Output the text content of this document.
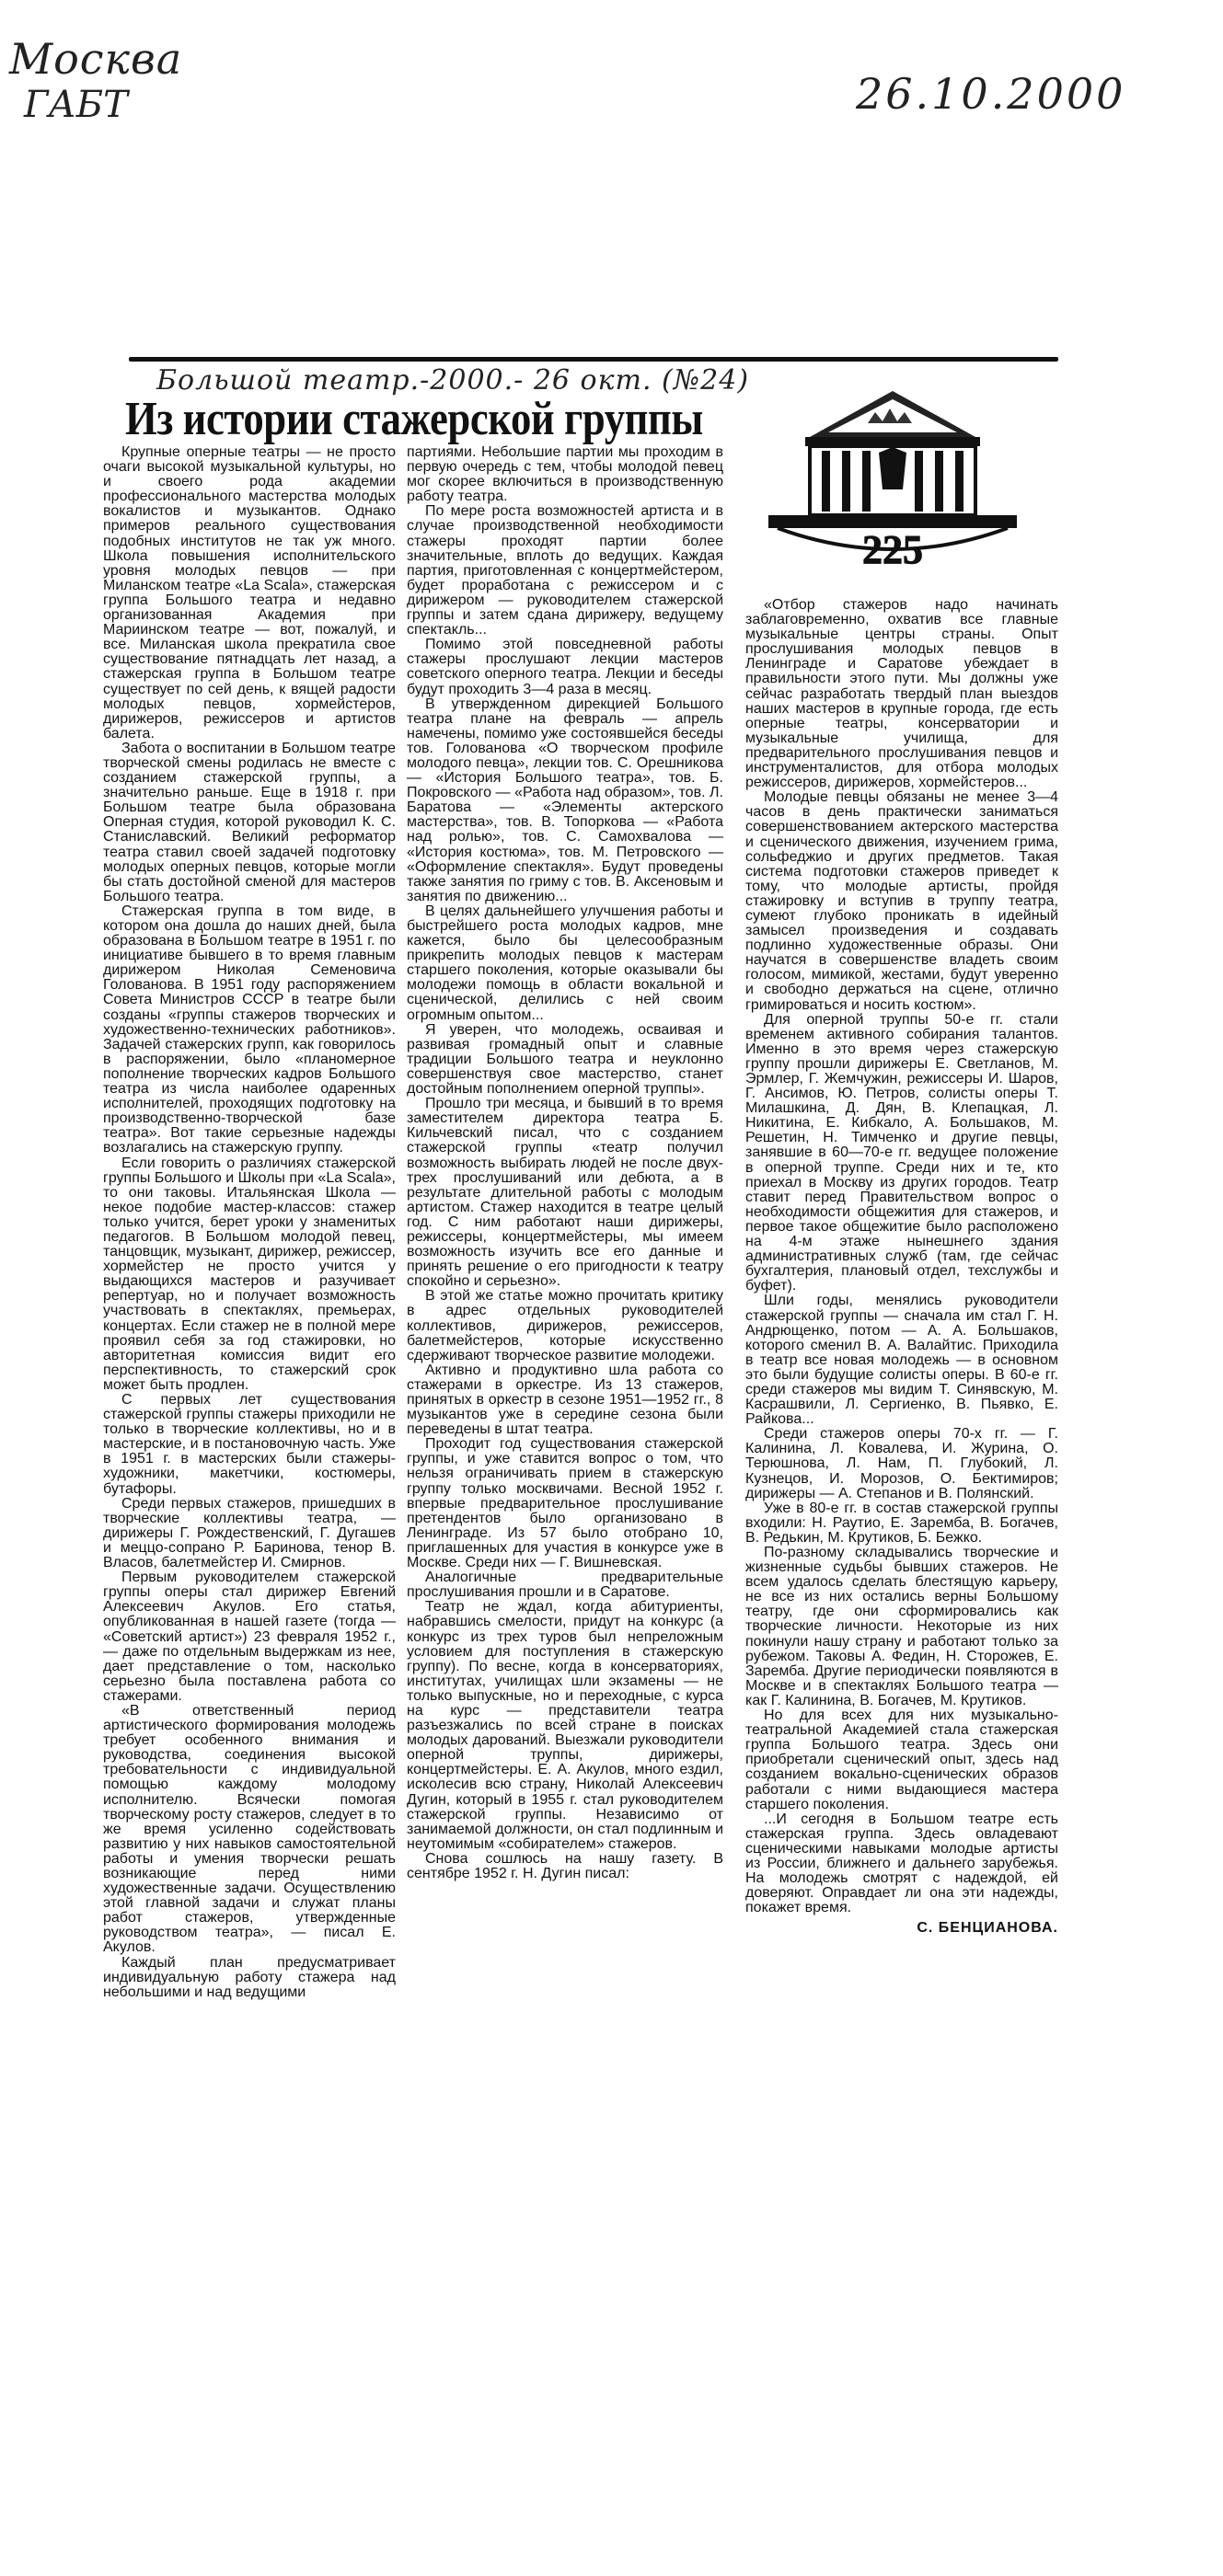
Москва
ГАБТ	26.10.2000
Большой театр.-2000.- 26 окт. (№24)
Из истории стажерской группы
225

Крупные оперные театры — не просто очаги высокой музыкальной культуры, но и своего рода академии профессионального мастерства молодых вокалистов и музыкантов. Однако примеров реального существования подобных институтов не так уж много. Школа повышения исполнительского уровня молодых певцов — при Миланском театре «La Scala», стажерская группа Большого театра и недавно организованная Академия при Мариинском театре — вот, пожалуй, и все. Миланская школа прекратила свое существование пятнадцать лет назад, а стажерская группа в Большом театре существует по сей день, к вящей радости молодых певцов, хормейстеров, дирижеров, режиссеров и артистов балета.

Забота о воспитании в Большом театре творческой смены родилась не вместе с созданием стажерской группы, а значительно раньше. Еще в 1918 г. при Большом театре была образована Оперная студия, которой руководил К. С. Станиславский. Великий реформатор театра ставил своей задачей подготовку молодых оперных певцов, которые могли бы стать достойной сменой для мастеров Большого театра.

Стажерская группа в том виде, в котором она дошла до наших дней, была образована в Большом театре в 1951 г. по инициативе бывшего в то время главным дирижером Николая Семеновича Голованова. В 1951 году распоряжением Совета Министров СССР в театре были созданы «группы стажеров творческих и художественно-технических работников». Задачей стажерских групп, как говорилось в распоряжении, было «планомерное пополнение творческих кадров Большого театра из числа наиболее одаренных исполнителей, проходящих подготовку на производственно-творческой базе театра». Вот такие серьезные надежды возлагались на стажерскую группу.

Если говорить о различиях стажерской группы Большого и Школы при «La Scala», то они таковы. Итальянская Школа — некое подобие мастер-классов: стажер только учится, берет уроки у знаменитых педагогов. В Большом молодой певец, танцовщик, музыкант, дирижер, режиссер, хормейстер не просто учится у выдающихся мастеров и разучивает репертуар, но и получает возможность участвовать в спектаклях, премьерах, концертах. Если стажер не в полной мере проявил себя за год стажировки, но авторитетная комиссия видит его перспективность, то стажерский срок может быть продлен.

С первых лет существования стажерской группы стажеры приходили не только в творческие коллективы, но и в мастерские, и в постановочную часть. Уже в 1951 г. в мастерских были стажеры-художники, макетчики, костюмеры, бутафоры.

Среди первых стажеров, пришедших в творческие коллективы театра, — дирижеры Г. Рождественский, Г. Дугашев и меццо-сопрано Р. Баринова, тенор В. Власов, балетмейстер И. Смирнов.

Первым руководителем стажерской группы оперы стал дирижер Евгений Алексеевич Акулов. Его статья, опубликованная в нашей газете (тогда — «Советский артист») 23 февраля 1952 г., — даже по отдельным выдержкам из нее, дает представление о том, насколько серьезно была поставлена работа со стажерами.

«В ответственный период артистического формирования молодежь требует особенного внимания и руководства, соединения высокой требовательности с индивидуальной помощью каждому молодому исполнителю. Всячески помогая творческому росту стажеров, следует в то же время усиленно содействовать развитию у них навыков самостоятельной работы и умения творчески решать возникающие перед ними художественные задачи. Осуществлению этой главной задачи и служат планы работ стажеров, утвержденные руководством театра», — писал Е. Акулов.

Каждый план предусматривает индивидуальную работу стажера над небольшими и над ведущими

партиями. Небольшие партии мы проходим в первую очередь с тем, чтобы молодой певец мог скорее включиться в производственную работу театра.

По мере роста возможностей артиста и в случае производственной необходимости стажеры проходят партии более значительные, вплоть до ведущих. Каждая партия, приготовленная с концертмейстером, будет проработана с режиссером и с дирижером — руководителем стажерской группы и затем сдана дирижеру, ведущему спектакль...

Помимо этой повседневной работы стажеры прослушают лекции мастеров советского оперного театра. Лекции и беседы будут проходить 3—4 раза в месяц.

В утвержденном дирекцией Большого театра плане на февраль — апрель намечены, помимо уже состоявшейся беседы тов. Голованова «О творческом профиле молодого певца», лекции тов. С. Орешникова — «История Большого театра», тов. Б. Покровского — «Работа над образом», тов. Л. Баратова — «Элементы актерского мастерства», тов. В. Топоркова — «Работа над ролью», тов. С. Самохвалова — «История костюма», тов. М. Петровского — «Оформление спектакля». Будут проведены также занятия по гриму с тов. В. Аксеновым и занятия по движению...

В целях дальнейшего улучшения работы и быстрейшего роста молодых кадров, мне кажется, было бы целесообразным прикрепить молодых певцов к мастерам старшего поколения, которые оказывали бы молодежи помощь в области вокальной и сценической, делились с ней своим огромным опытом...

Я уверен, что молодежь, осваивая и развивая громадный опыт и славные традиции Большого театра и неуклонно совершенствуя свое мастерство, станет достойным пополнением оперной труппы».

Прошло три месяца, и бывший в то время заместителем директора театра Б. Кильчевский писал, что с созданием стажерской группы «театр получил возможность выбирать людей не после двух-трех прослушиваний или дебюта, а в результате длительной работы с молодым артистом. Стажер находится в театре целый год. С ним работают наши дирижеры, режиссеры, концертмейстеры, мы имеем возможность изучить все его данные и принять решение о его пригодности к театру спокойно и серьезно».

В этой же статье можно прочитать критику в адрес отдельных руководителей коллективов, дирижеров, режиссеров, балетмейстеров, которые искусственно сдерживают творческое развитие молодежи.

Активно и продуктивно шла работа со стажерами в оркестре. Из 13 стажеров, принятых в оркестр в сезоне 1951—1952 гг., 8 музыкантов уже в середине сезона были переведены в штат театра.

Проходит год существования стажерской группы, и уже ставится вопрос о том, что нельзя ограничивать прием в стажерскую группу только москвичами. Весной 1952 г. впервые предварительное прослушивание претендентов было организовано в Ленинграде. Из 57 было отобрано 10, приглашенных для участия в конкурсе уже в Москве. Среди них — Г. Вишневская.

Аналогичные предварительные прослушивания прошли и в Саратове.

Театр не ждал, когда абитуриенты, набравшись смелости, придут на конкурс (а конкурс из трех туров был непреложным условием для поступления в стажерскую группу). По весне, когда в консерваториях, институтах, училищах шли экзамены — не только выпускные, но и переходные, с курса на курс — представители театра разъезжались по всей стране в поисках молодых дарований. Выезжали руководители оперной труппы, дирижеры, концертмейстеры. Е. А. Акулов, много ездил, исколесив всю страну, Николай Алексеевич Дугин, который в 1955 г. стал руководителем стажерской группы. Независимо от занимаемой должности, он стал подлинным и неутомимым «собирателем» стажеров.

Снова сошлюсь на нашу газету. В сентябре 1952 г. Н. Дугин писал:

«Отбор стажеров надо начинать заблаговременно, охватив все главные музыкальные центры страны. Опыт прослушивания молодых певцов в Ленинграде и Саратове убеждает в правильности этого пути. Мы должны уже сейчас разработать твердый план выездов наших мастеров в крупные города, где есть оперные театры, консерватории и музыкальные училища, для предварительного прослушивания певцов и инструменталистов, для отбора молодых режиссеров, дирижеров, хормейстеров...

Молодые певцы обязаны не менее 3—4 часов в день практически заниматься совершенствованием актерского мастерства и сценического движения, изучением грима, сольфеджио и других предметов. Такая система подготовки стажеров приведет к тому, что молодые артисты, пройдя стажировку и вступив в труппу театра, сумеют глубоко проникать в идейный замысел произведения и создавать подлинно художественные образы. Они научатся в совершенстве владеть своим голосом, мимикой, жестами, будут уверенно и свободно держаться на сцене, отлично гримироваться и носить костюм».

Для оперной труппы 50-е гг. стали временем активного собирания талантов. Именно в это время через стажерскую группу прошли дирижеры Е. Светланов, М. Эрмлер, Г. Жемчужин, режиссеры И. Шаров, Г. Ансимов, Ю. Петров, солисты оперы Т. Милашкина, Д. Дян, В. Клепацкая, Л. Никитина, Е. Кибкало, А. Большаков, М. Решетин, Н. Тимченко и другие певцы, занявшие в 60—70-е гг. ведущее положение в оперной труппе. Среди них и те, кто приехал в Москву из других городов. Театр ставит перед Правительством вопрос о необходимости общежития для стажеров, и первое такое общежитие было расположено на 4-м этаже нынешнего здания административных служб (там, где сейчас бухгалтерия, плановый отдел, техслужбы и буфет).

Шли годы, менялись руководители стажерской группы — сначала им стал Г. Н. Андрющенко, потом — А. А. Большаков, которого сменил В. А. Валайтис. Приходила в театр все новая молодежь — в основном это были будущие солисты оперы. В 60-е гг. среди стажеров мы видим Т. Синявскую, М. Касрашвили, Л. Сергиенко, В. Пьявко, Е. Райкова...

Среди стажеров оперы 70-х гг. — Г. Калинина, Л. Ковалева, И. Журина, О. Терюшнова, Л. Нам, П. Глубокий, Л. Кузнецов, И. Морозов, О. Бектимиров; дирижеры — А. Степанов и В. Полянский.

Уже в 80-е гг. в состав стажерской группы входили: Н. Раутио, Е. Заремба, В. Богачев, В. Редькин, М. Крутиков, Б. Бежко.

По-разному складывались творческие и жизненные судьбы бывших стажеров. Не всем удалось сделать блестящую карьеру, не все из них остались верны Большому театру, где они сформировались как творческие личности. Некоторые из них покинули нашу страну и работают только за рубежом. Таковы А. Федин, Н. Сторожев, Е. Заремба. Другие периодически появляются в Москве и в спектаклях Большого театра — как Г. Калинина, В. Богачев, М. Крутиков.

Но для всех для них музыкально-театральной Академией стала стажерская группа Большого театра. Здесь они приобретали сценический опыт, здесь над созданием вокально-сценических образов работали с ними выдающиеся мастера старшего поколения.

...И сегодня в Большом театре есть стажерская группа. Здесь овладевают сценическими навыками молодые артисты из России, ближнего и дальнего зарубежья. На молодежь смотрят с надеждой, ей доверяют. Оправдает ли она эти надежды, покажет время.

С. БЕНЦИАНОВА.
